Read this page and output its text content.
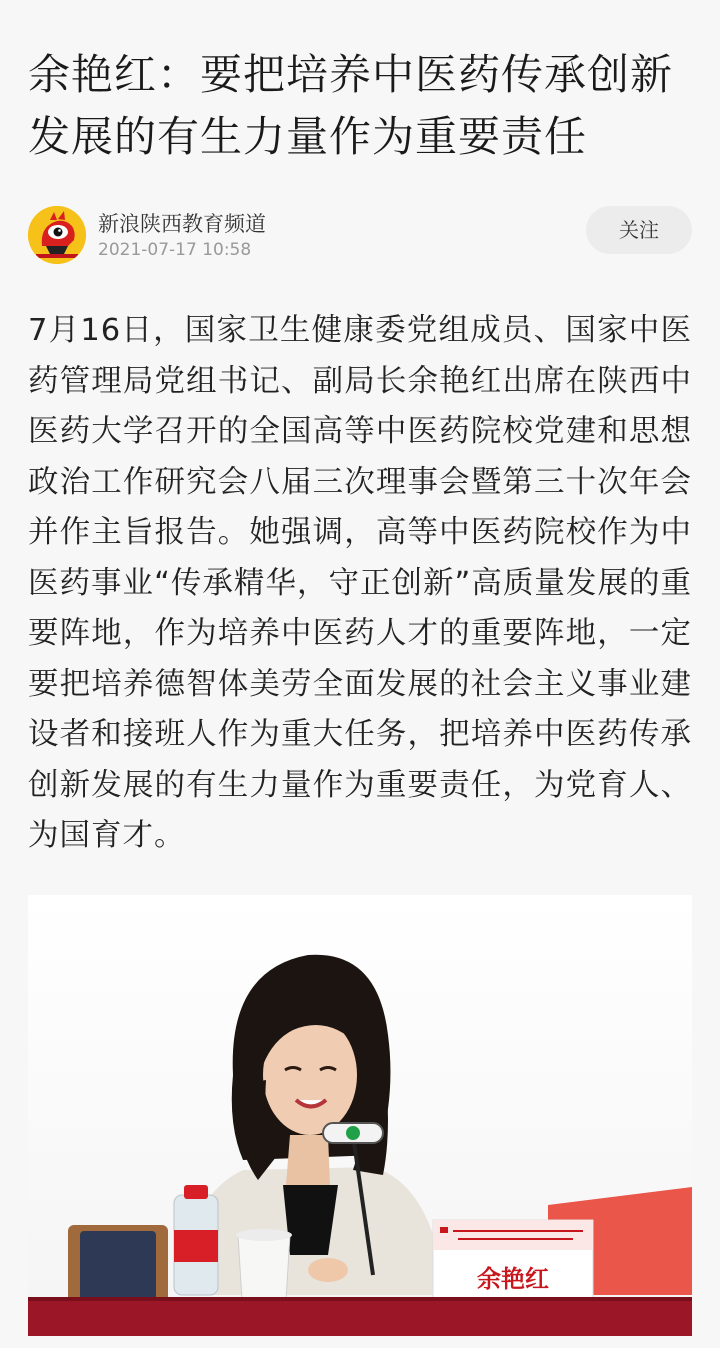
余艳红：要把培养中医药传承创新发展的有生力量作为重要责任
新浪陕西教育频道
2021-07-17 10:58
关注

7月16日，国家卫生健康委党组成员、国家中医药管理局党组书记、副局长余艳红出席在陕西中医药大学召开的全国高等中医药院校党建和思想政治工作研究会八届三次理事会暨第三十次年会并作主旨报告。她强调，高等中医药院校作为中医药事业“传承精华，守正创新”高质量发展的重要阵地，作为培养中医药人才的重要阵地，一定要把培养德智体美劳全面发展的社会主义事业建设者和接班人作为重大任务，把培养中医药传承创新发展的有生力量作为重要责任，为党育人、为国育才。

余艳红
